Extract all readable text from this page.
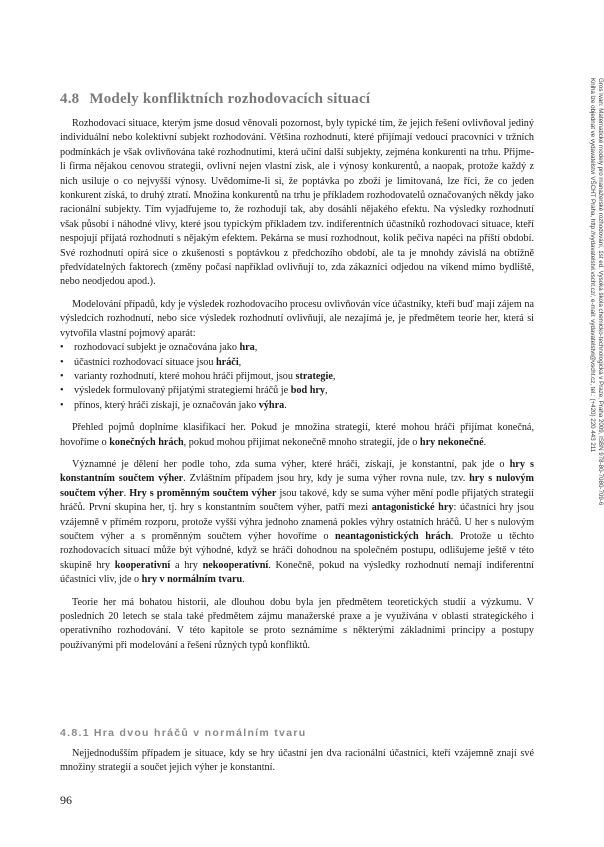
4.8 Modely konfliktních rozhodovacích situací

Rozhodovací situace, kterým jsme dosud věnovali pozornost, byly typické tím, že jejich řešení ovlivňoval jediný individuální nebo kolektivní subjekt rozhodování. Většina rozhodnutí, které přijímají vedoucí pracovníci v tržních podmínkách je však ovlivňována také rozhodnutími, která učiní další subjekty, zejména konkurenti na trhu. Přijme-li firma nějakou cenovou strategii, ovlivní nejen vlastní zisk, ale i výnosy konkurentů, a naopak, protože každý z nich usiluje o co nejvyšší výnosy. Uvědomíme-li si, že poptávka po zboží je limitovaná, lze říci, že co jeden konkurent získá, to druhý ztratí. Množina konkurentů na trhu je příkladem rozhodovatelů označovaných někdy jako racionální subjekty. Tím vyjadřujeme to, že rozhodují tak, aby dosáhli nějakého efektu. Na výsledky rozhodnutí však působí i náhodné vlivy, které jsou typickým příkladem tzv. indiferentních účastníků rozhodovací situace, kteří nespojují přijatá rozhodnutí s nějakým efektem. Pekárna se musí rozhodnout, kolik pečiva napéci na příští období. Své rozhodnutí opírá sice o zkušenosti s poptávkou z předchozího období, ale ta je mnohdy závislá na obtížně předvídatelných faktorech (změny počasí například ovlivňují to, zda zákazníci odjedou na víkend mimo bydliště, nebo neodjedou apod.).

Modelování případů, kdy je výsledek rozhodovacího procesu ovlivňován více účastníky, kteří buď mají zájem na výsledcích rozhodnutí, nebo sice výsledek rozhodnutí ovlivňují, ale nezajímá je, je předmětem teorie her, která si vytvořila vlastní pojmový aparát:

• rozhodovací subjekt je označována jako hra,
• účastníci rozhodovací situace jsou hráči,
• varianty rozhodnutí, které mohou hráči přijmout, jsou strategie,
• výsledek formulovaný přijatými strategiemi hráčů je bod hry,
• přínos, který hráči získají, je označován jako výhra.

Přehled pojmů doplníme klasifikací her. Pokud je množina strategií, které mohou hráči přijímat konečná, hovoříme o konečných hrách, pokud mohou přijímat nekonečně mnoho strategií, jde o hry nekonečné.

Významné je dělení her podle toho, zda suma výher, které hráči, získají, je konstantní, pak jde o hry s konstantním součtem výher. Zvláštním případem jsou hry, kdy je suma výher rovna nule, tzv. hry s nulovým součtem výher. Hry s proměnným součtem výher jsou takové, kdy se suma výher mění podle přijatých strategií hráčů. První skupina her, tj. hry s konstantním součtem výher, patří mezi antagonistické hry: účastníci hry jsou vzájemně v přímém rozporu, protože vyšší výhra jednoho znamená pokles výhry ostatních hráčů. U her s nulovým součtem výher a s proměnným součtem výher hovoříme o neantagonistických hrách. Protože u těchto rozhodovacích situací může být výhodné, když se hráči dohodnou na společném postupu, odlišujeme ještě v této skupině hry kooperativní a hry nekooperativní. Konečně, pokud na výsledky rozhodnutí nemají indiferentní účastníci vliv, jde o hry v normálním tvaru.

Teorie her má bohatou historii, ale dlouhou dobu byla jen předmětem teoretických studií a výzkumu. V posledních 20 letech se stala také předmětem zájmu manažerské praxe a je využívána v oblasti strategického i operativního rozhodování. V této kapitole se proto seznámíme s některými základními principy a postupy používanými při modelování a řešení různých typů konfliktů.

4.8.1 Hra dvou hráčů v normálním tvaru

Nejjednodušším případem je situace, kdy se hry účastní jen dva racionální účastníci, kteří vzájemně znají své množiny strategií a součet jejich výher je konstantní.

96
Gros Ivan: Matematické modely pro manažerské rozhodování, 1st ed. Vysoká škola chemicko-technologická v Praze, Praha 2009, ISBN 978-80-7080-709-6
Kniha lze objednat ve vydavatelství VŠCHT Praha, http://vydavatelstvi.vscht.cz/, e-mail: vydavatelstvi@vscht.cz, tel.: (+420) 220 443 211
